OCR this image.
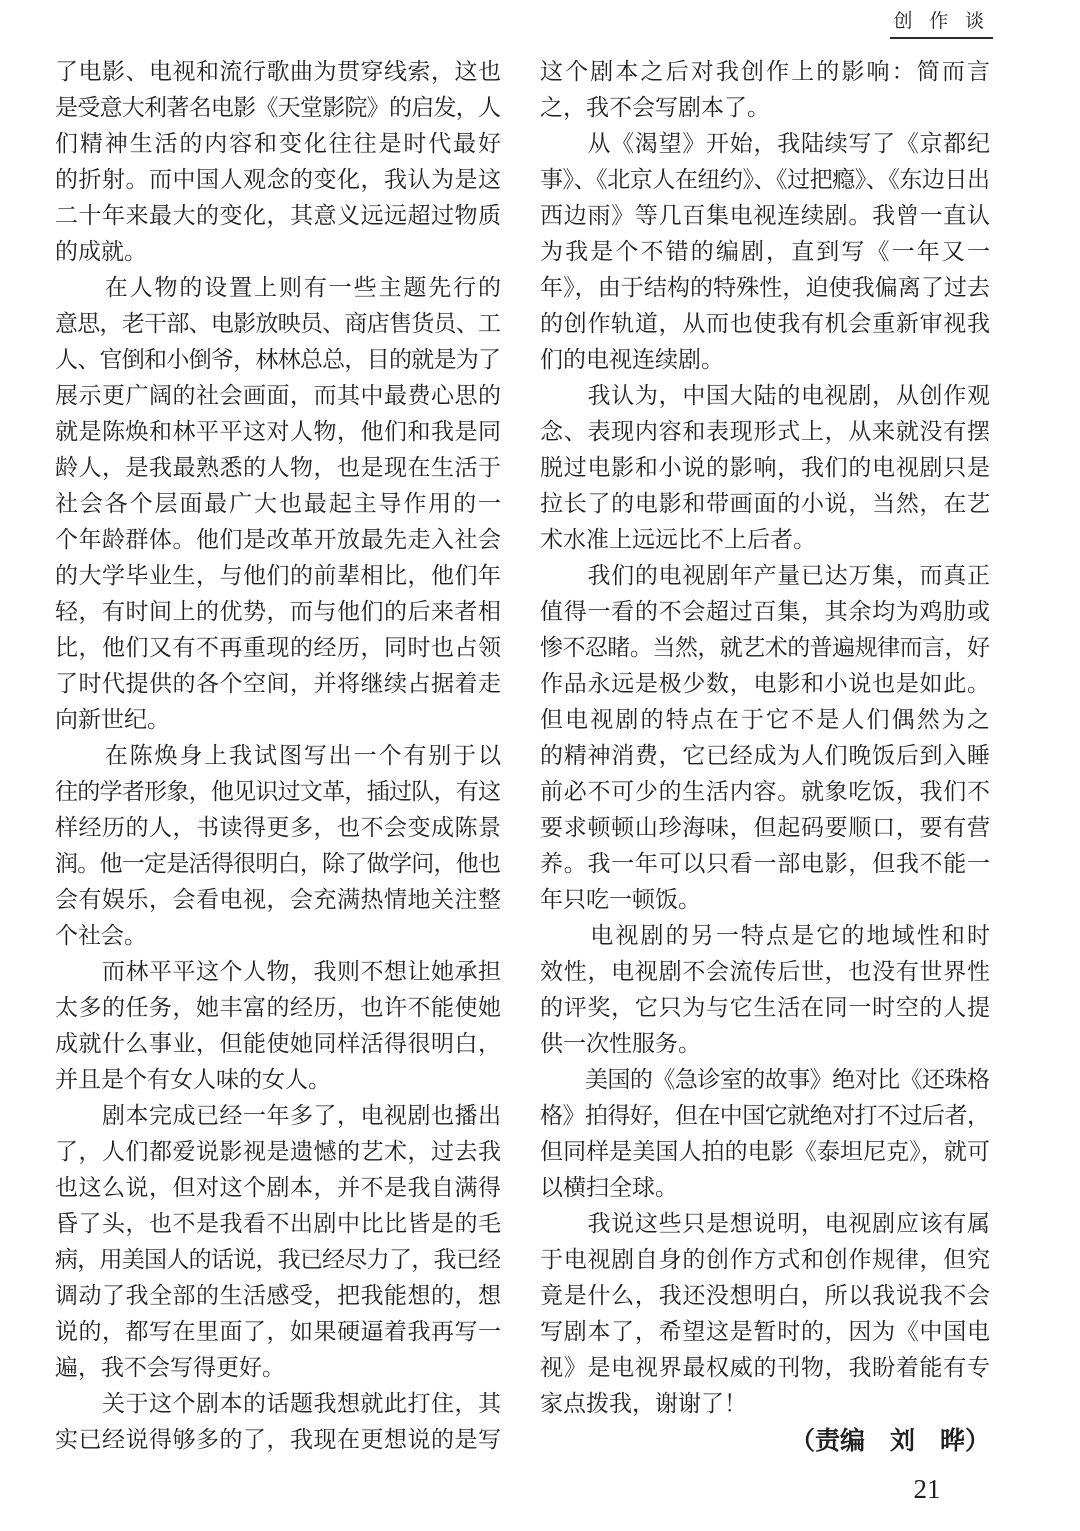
创 作 谈
了电影、电视和流行歌曲为贯穿线索，这也
是受意大利著名电影《天堂影院》的启发，人
们精神生活的内容和变化往往是时代最好
的折射。而中国人观念的变化，我认为是这
二十年来最大的变化，其意义远远超过物质
的成就。
　　在人物的设置上则有一些主题先行的
意思，老干部、电影放映员、商店售货员、工
人、官倒和小倒爷，林林总总，目的就是为了
展示更广阔的社会画面，而其中最费心思的
就是陈焕和林平平这对人物，他们和我是同
龄人，是我最熟悉的人物，也是现在生活于
社会各个层面最广大也最起主导作用的一
个年龄群体。他们是改革开放最先走入社会
的大学毕业生，与他们的前辈相比，他们年
轻，有时间上的优势，而与他们的后来者相
比，他们又有不再重现的经历，同时也占领
了时代提供的各个空间，并将继续占据着走
向新世纪。
　　在陈焕身上我试图写出一个有别于以
往的学者形象，他见识过文革，插过队，有这
样经历的人，书读得更多，也不会变成陈景
润。他一定是活得很明白，除了做学问，他也
会有娱乐，会看电视，会充满热情地关注整
个社会。
　　而林平平这个人物，我则不想让她承担
太多的任务，她丰富的经历，也许不能使她
成就什么事业，但能使她同样活得很明白，
并且是个有女人味的女人。
　　剧本完成已经一年多了，电视剧也播出
了，人们都爱说影视是遗憾的艺术，过去我
也这么说，但对这个剧本，并不是我自满得
昏了头，也不是我看不出剧中比比皆是的毛
病，用美国人的话说，我已经尽力了，我已经
调动了我全部的生活感受，把我能想的，想
说的，都写在里面了，如果硬逼着我再写一
遍，我不会写得更好。
　　关于这个剧本的话题我想就此打住，其
实已经说得够多的了，我现在更想说的是写
这个剧本之后对我创作上的影响：简而言
之，我不会写剧本了。
　　从《渴望》开始，我陆续写了《京都纪
事》、《北京人在纽约》、《过把瘾》、《东边日出
西边雨》等几百集电视连续剧。我曾一直认
为我是个不错的编剧，直到写《一年又一
年》，由于结构的特殊性，迫使我偏离了过去
的创作轨道，从而也使我有机会重新审视我
们的电视连续剧。
　　我认为，中国大陆的电视剧，从创作观
念、表现内容和表现形式上，从来就没有摆
脱过电影和小说的影响，我们的电视剧只是
拉长了的电影和带画面的小说，当然，在艺
术水准上远远比不上后者。
　　我们的电视剧年产量已达万集，而真正
值得一看的不会超过百集，其余均为鸡肋或
惨不忍睹。当然，就艺术的普遍规律而言，好
作品永远是极少数，电影和小说也是如此。
但电视剧的特点在于它不是人们偶然为之
的精神消费，它已经成为人们晚饭后到入睡
前必不可少的生活内容。就象吃饭，我们不
要求顿顿山珍海味，但起码要顺口，要有营
养。我一年可以只看一部电影，但我不能一
年只吃一顿饭。
　　电视剧的另一特点是它的地域性和时
效性，电视剧不会流传后世，也没有世界性
的评奖，它只为与它生活在同一时空的人提
供一次性服务。
　　美国的《急诊室的故事》绝对比《还珠格
格》拍得好，但在中国它就绝对打不过后者，
但同样是美国人拍的电影《泰坦尼克》，就可
以横扫全球。
　　我说这些只是想说明，电视剧应该有属
于电视剧自身的创作方式和创作规律，但究
竟是什么，我还没想明白，所以我说我不会
写剧本了，希望这是暂时的，因为《中国电
视》是电视界最权威的刊物，我盼着能有专
家点拨我，谢谢了！
（责编　刘　晔）
21
